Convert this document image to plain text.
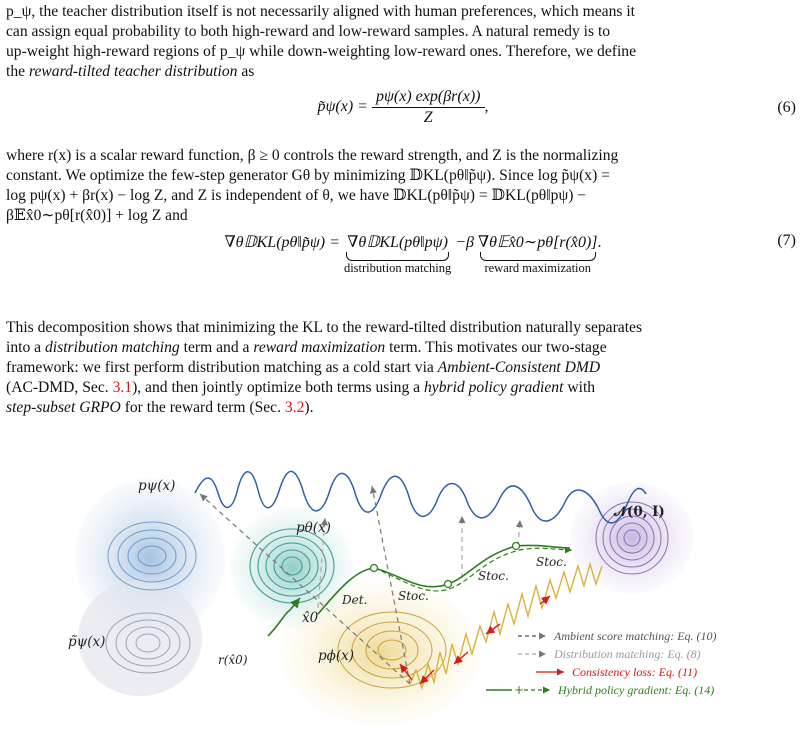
p_ψ, the teacher distribution itself is not necessarily aligned with human preferences, which means it

can assign equal probability to both high-reward and low-reward samples. A natural remedy is to

up-weight high-reward regions of p_ψ while down-weighting low-reward ones. Therefore, we define

the reward-tilted teacher distribution as

p̃ψ(x) = $\frac{p\psi(x) \exp(\beta r(x))}{Z}$ ,	(6)

where r(x) is a scalar reward function, β ≥ 0 controls the reward strength, and Z is the normalizing

constant. We optimize the few-step generator Gθ by minimizing 𝔻KL(pθ‖p̃ψ). Since log p̃ψ(x) =

log pψ(x) + βr(x) − log Z, and Z is independent of θ, we have 𝔻KL(pθ‖p̃ψ) = 𝔻KL(pθ‖pψ) −

β𝔼x̂0∼pθ[r(x̂0)] + log Z and

∇θ𝔻KL(pθ‖p̃ψ) = ∇θ𝔻KL(pθ‖pψ)
distribution matching
−β ∇θ𝔼x̂0∼pθ[r(x̂0)]
reward maximization
.	(7)

This decomposition shows that minimizing the KL to the reward-tilted distribution naturally separates

into a distribution matching term and a reward maximization term. This motivates our two-stage

framework: we first perform distribution matching as a cold start via Ambient-Consistent DMD

(AC-DMD, Sec. 3.1), and then jointly optimize both terms using a hybrid policy gradient with

step-subset GRPO for the reward term (Sec. 3.2).

pψ(x)
pθ(x)
p̃ψ(x)
pϕ(x)
𝒩(0, I)
x̂0
r(x̂0)
Det.	Stoc.
Stoc.
Stoc.
Ambient score matching: Eq. (10)
Distribution matching: Eq. (8)
Consistency loss: Eq. (11)
+	Hybrid policy gradient: Eq. (14)
